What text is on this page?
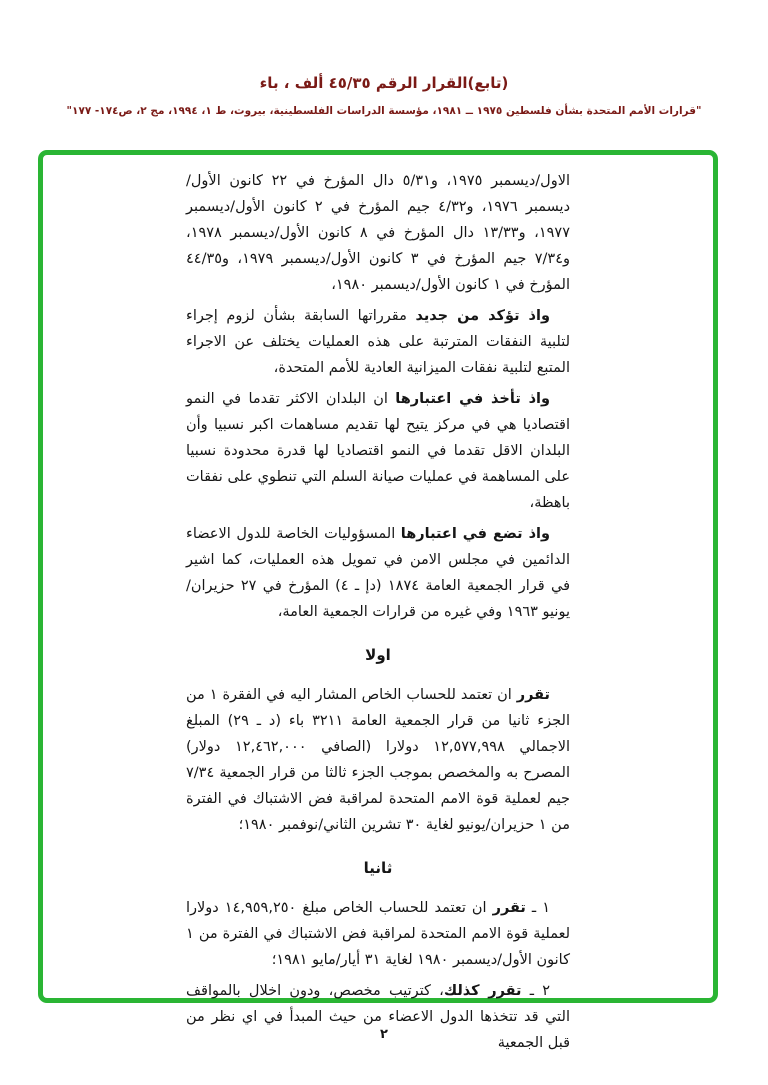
(تابع)القرار الرقم ٤٥/٣٥ ألف ، باء
"قرارات الأمم المتحدة بشأن فلسطين ١٩٧٥ ــ ١٩٨١، مؤسسة الدراسات الفلسطينية، بيروت، ط ١، ١٩٩٤، مج ٢، ص١٧٤- ١٧٧"

الاول/ديسمبر ١٩٧٥، و٥/٣١ دال المؤرخ في ٢٢ كانون الأول/ديسمبر ١٩٧٦، و٤/٣٢ جيم المؤرخ في ٢ كانون الأول/ديسمبر ١٩٧٧، و١٣/٣٣ دال المؤرخ في ٨ كانون الأول/ديسمبر ١٩٧٨، و٧/٣٤ جيم المؤرخ في ٣ كانون الأول/ديسمبر ١٩٧٩، و٤٤/٣٥ المؤرخ في ١ كانون الأول/ديسمبر ١٩٨٠،

واذ تؤكد من جديد مقرراتها السابقة بشأن لزوم إجراء لتلبية النفقات المترتبة على هذه العمليات يختلف عن الاجراء المتبع لتلبية نفقات الميزانية العادية للأمم المتحدة،

واذ تأخذ في اعتبارها ان البلدان الاكثر تقدما في النمو اقتصاديا هي في مركز يتيح لها تقديم مساهمات اكبر نسبيا وأن البلدان الاقل تقدما في النمو اقتصاديا لها قدرة محدودة نسبيا على المساهمة في عمليات صيانة السلم التي تنطوي على نفقات باهظة،

واذ تضع في اعتبارها المسؤوليات الخاصة للدول الاعضاء الدائمين في مجلس الامن في تمويل هذه العمليات، كما اشير في قرار الجمعية العامة ١٨٧٤ (دإ ـ ٤) المؤرخ في ٢٧ حزيران/يونيو ١٩٦٣ وفي غيره من قرارات الجمعية العامة،

اولا

تقرر ان تعتمد للحساب الخاص المشار اليه في الفقرة ١ من الجزء ثانيا من قرار الجمعية العامة ٣٢١١ باء (د ـ ٢٩) المبلغ الاجمالي ١٢,٥٧٧,٩٩٨ دولارا (الصافي ١٢,٤٦٢,٠٠٠ دولار) المصرح به والمخصص بموجب الجزء ثالثا من قرار الجمعية ٧/٣٤ جيم لعملية قوة الامم المتحدة لمراقبة فض الاشتباك في الفترة من ١ حزيران/يونيو لغاية ٣٠ تشرين الثاني/نوفمبر ١٩٨٠؛

ثانيا

١ ـ تقرر ان تعتمد للحساب الخاص مبلغ ١٤,٩٥٩,٢٥٠ دولارا لعملية قوة الامم المتحدة لمراقبة فض الاشتباك في الفترة من ١ كانون الأول/ديسمبر ١٩٨٠ لغاية ٣١ أيار/مايو ١٩٨١؛

٢ ـ تقرر كذلك، كترتيب مخصص، ودون اخلال بالمواقف التي قد تتخذها الدول الاعضاء من حيث المبدأ في اي نظر من قبل الجمعية

٢
